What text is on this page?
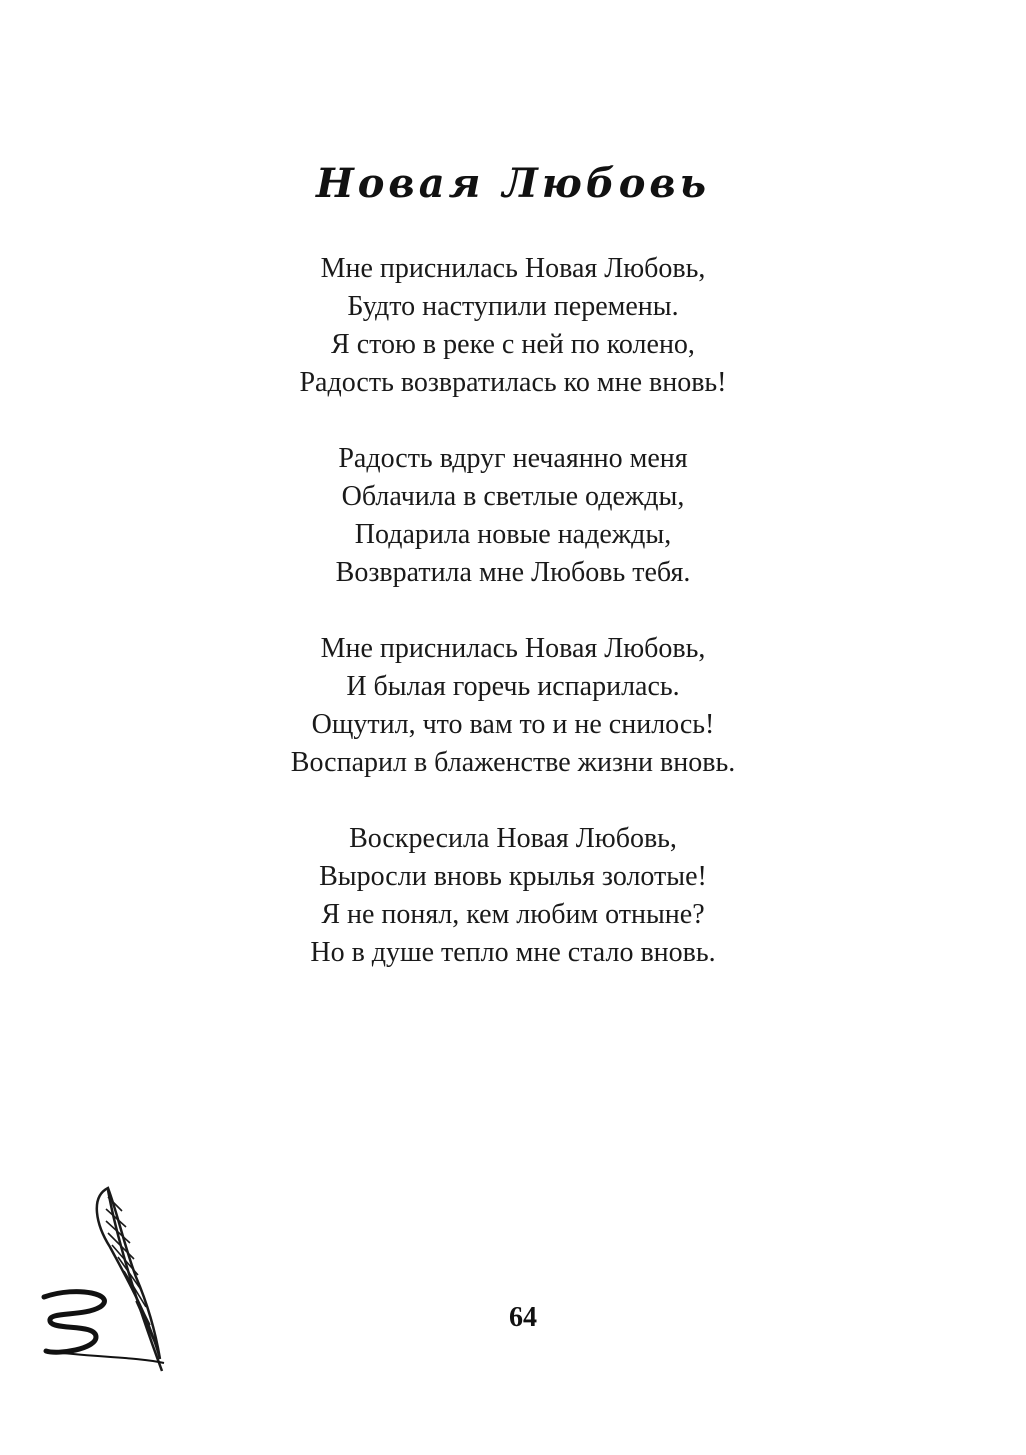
Новая Любовь
Мне приснилась Новая Любовь,
Будто наступили перемены.
Я стою в реке с ней по колено,
Радость возвратилась ко мне вновь!
Радость вдруг нечаянно меня
Облачила в светлые одежды,
Подарила новые надежды,
Возвратила мне Любовь тебя.
Мне приснилась Новая Любовь,
И былая горечь испарилась.
Ощутил, что вам то и не снилось!
Воспарил в блаженстве жизни вновь.
Воскресила Новая Любовь,
Выросли вновь крылья золотые!
Я не понял, кем любим отныне?
Но в душе тепло мне стало вновь.
64
